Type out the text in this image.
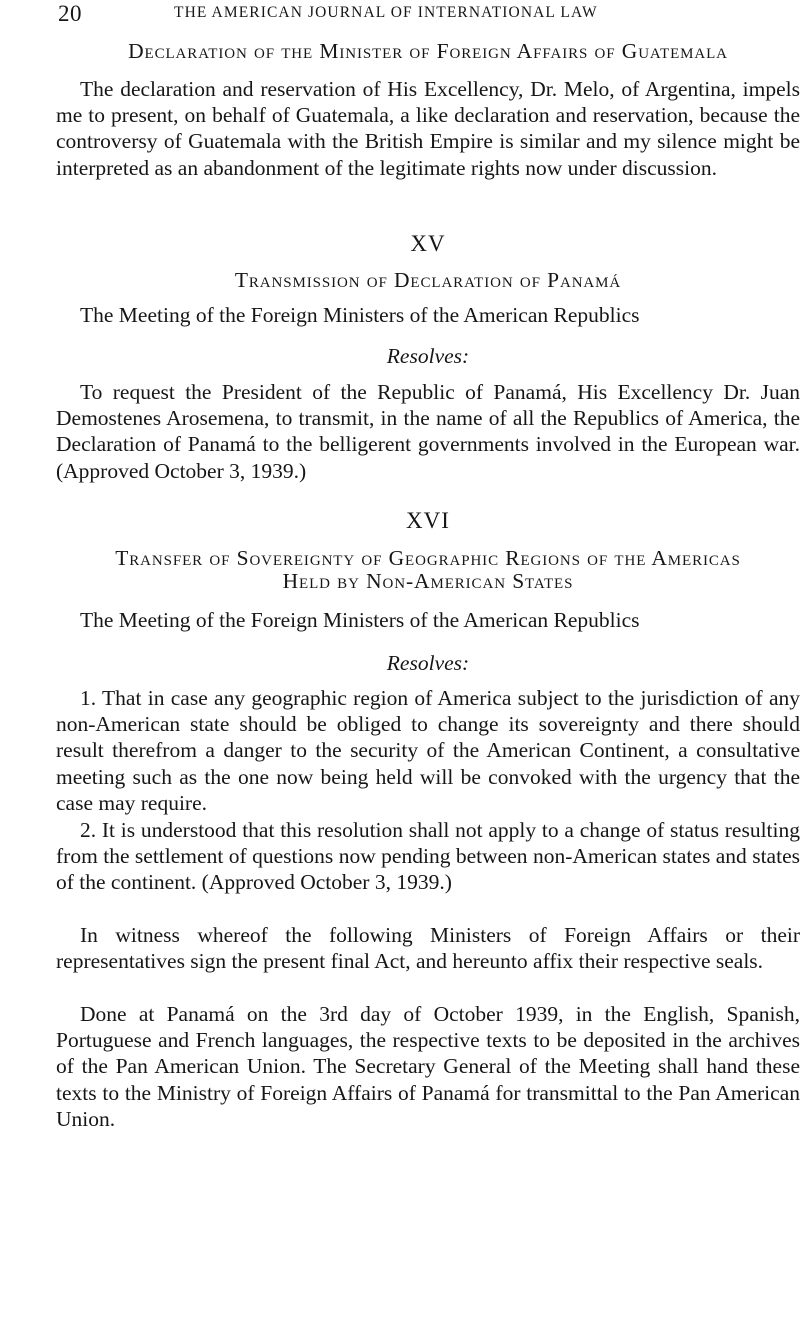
20	THE AMERICAN JOURNAL OF INTERNATIONAL LAW

Declaration of the Minister of Foreign Affairs of Guatemala

The declaration and reservation of His Excellency, Dr. Melo, of Argentina, impels me to present, on behalf of Guatemala, a like declaration and reservation, because the controversy of Guatemala with the British Empire is similar and my silence might be interpreted as an abandonment of the legitimate rights now under discussion.

XV

Transmission of Declaration of Panamá

The Meeting of the Foreign Ministers of the American Republics

Resolves:

To request the President of the Republic of Panamá, His Excellency Dr. Juan Demostenes Arosemena, to transmit, in the name of all the Republics of America, the Declaration of Panamá to the belligerent governments involved in the European war. (Approved October 3, 1939.)

XVI

Transfer of Sovereignty of Geographic Regions of the Americas

Held by Non-American States

The Meeting of the Foreign Ministers of the American Republics

Resolves:

1. That in case any geographic region of America subject to the jurisdiction of any non-American state should be obliged to change its sovereignty and there should result therefrom a danger to the security of the American Continent, a consultative meeting such as the one now being held will be convoked with the urgency that the case may require.

2. It is understood that this resolution shall not apply to a change of status resulting from the settlement of questions now pending between non-American states and states of the continent. (Approved October 3, 1939.)

In witness whereof the following Ministers of Foreign Affairs or their representatives sign the present final Act, and hereunto affix their respective seals.

Done at Panamá on the 3rd day of October 1939, in the English, Spanish, Portuguese and French languages, the respective texts to be deposited in the archives of the Pan American Union. The Secretary General of the Meeting shall hand these texts to the Ministry of Foreign Affairs of Panamá for transmittal to the Pan American Union.
